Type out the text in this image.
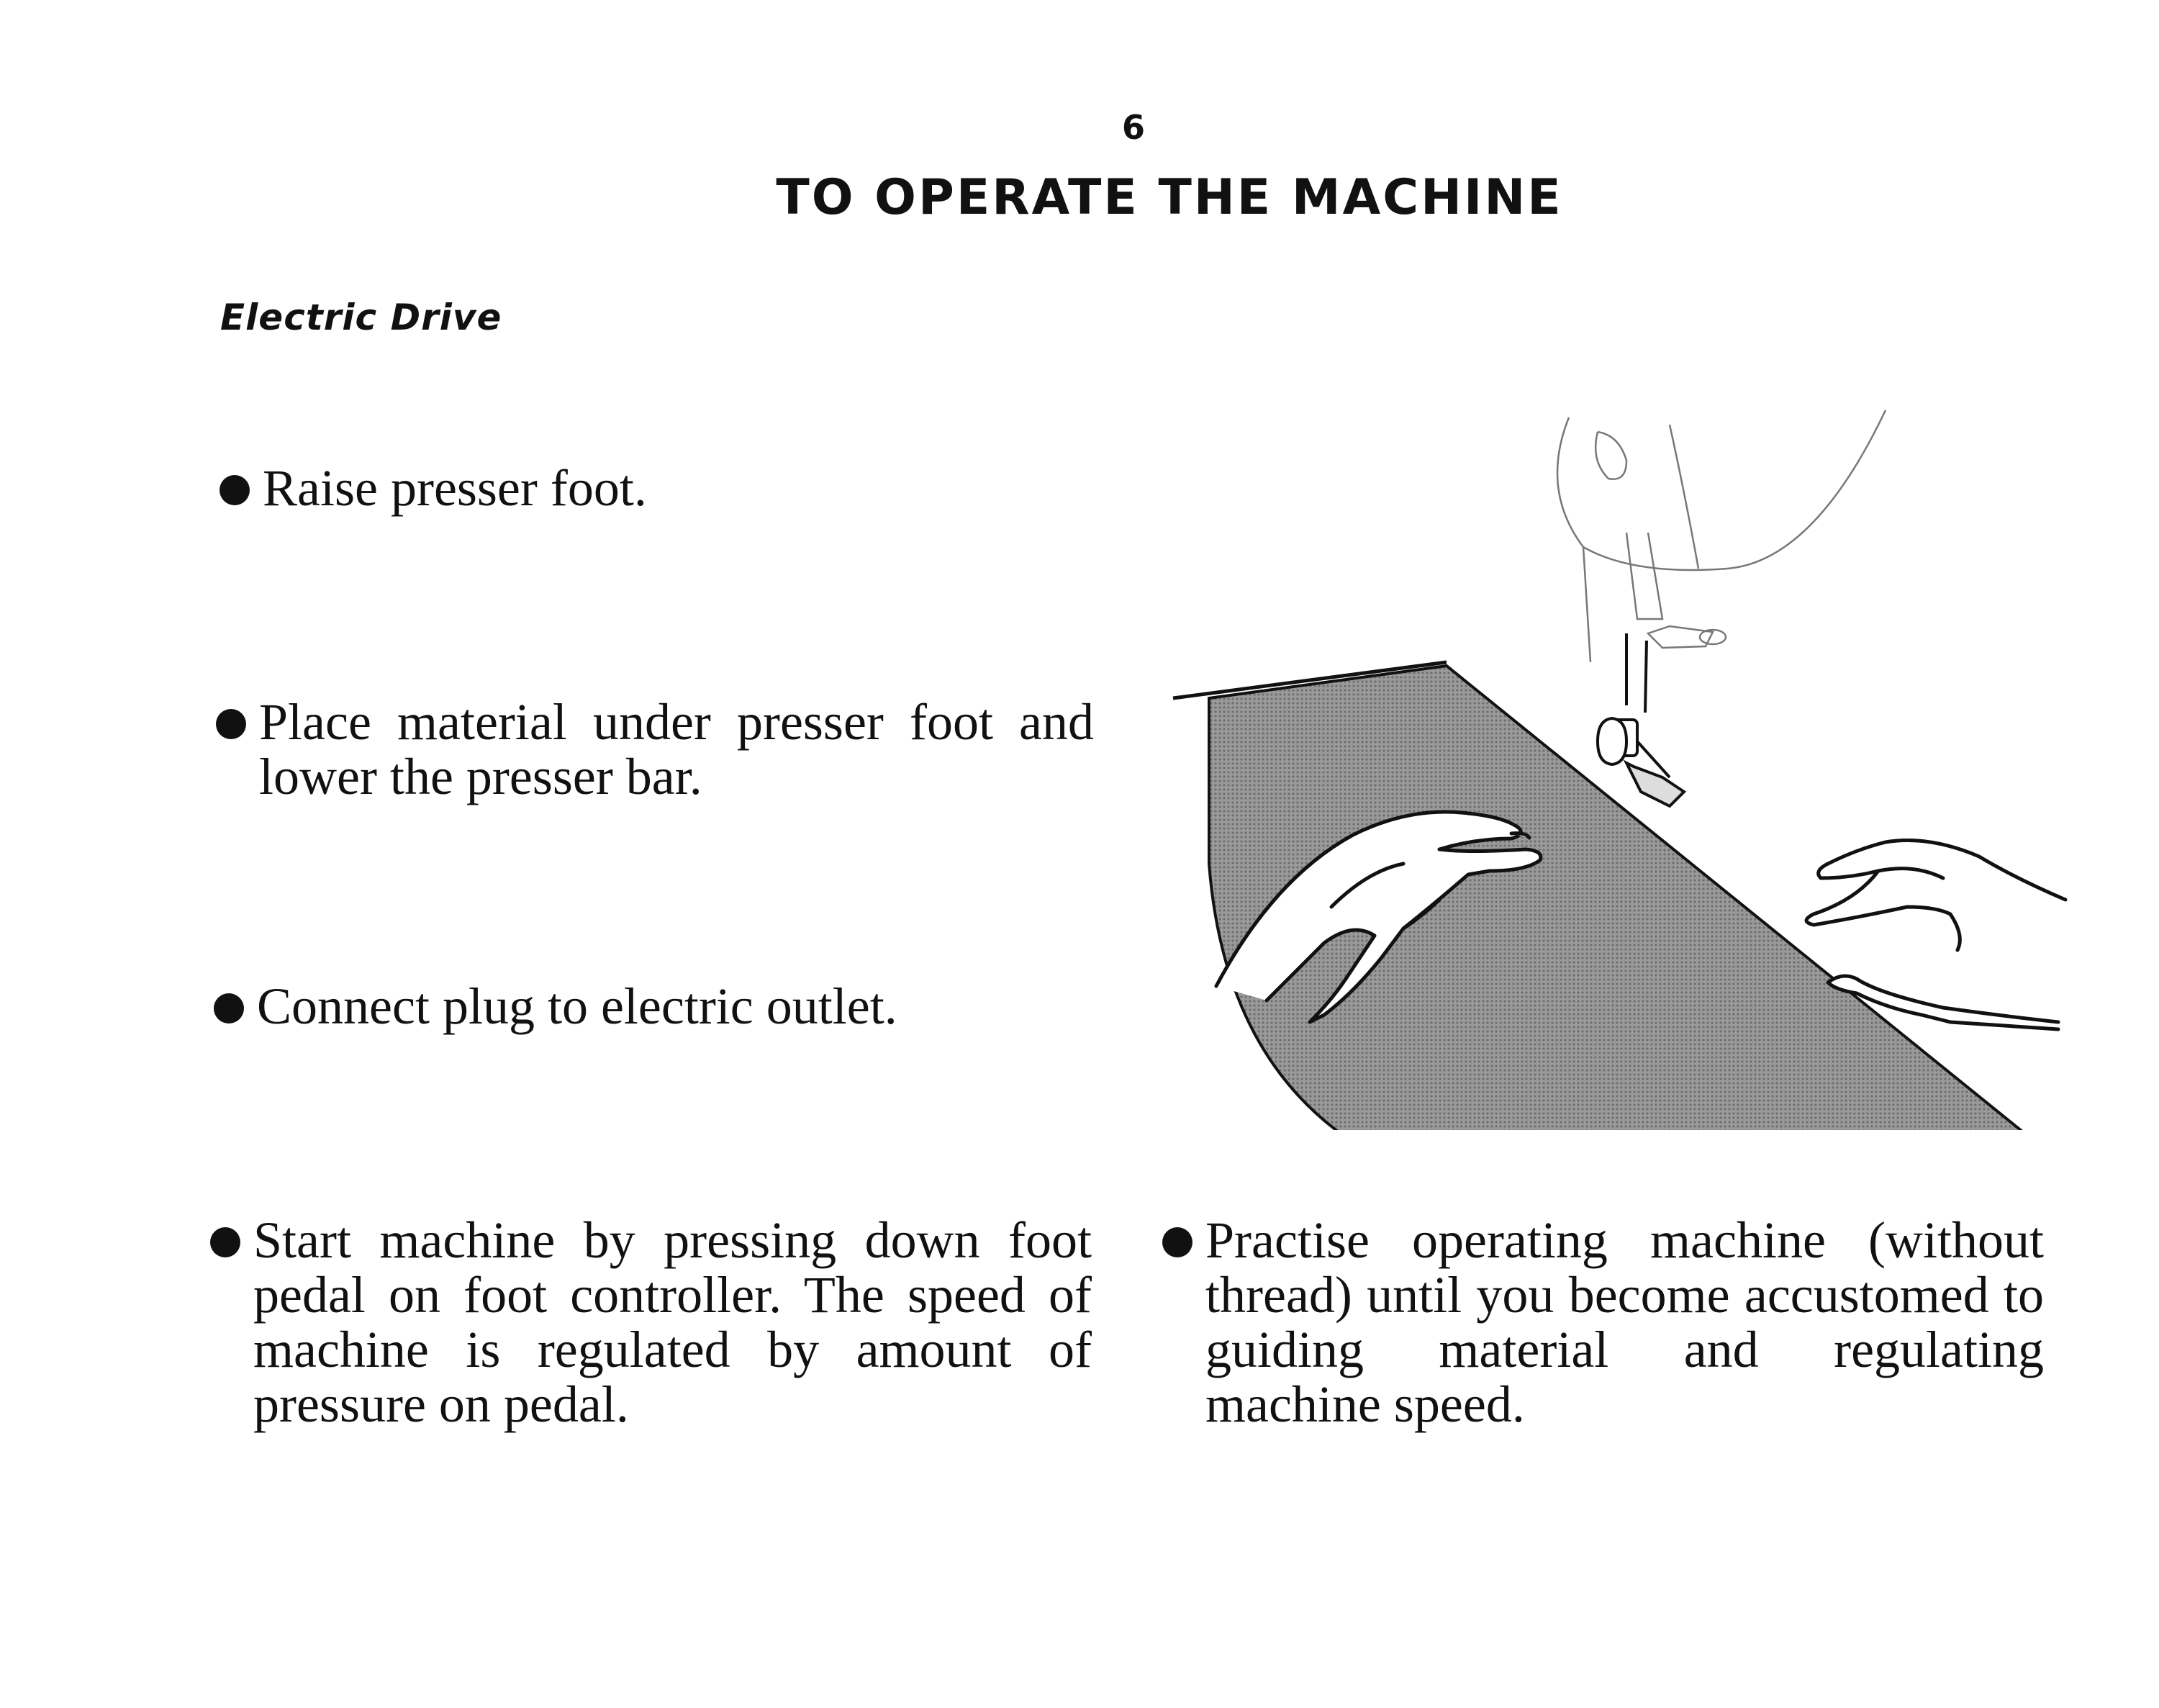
6
TO OPERATE THE MACHINE
Electric Drive
Raise presser foot.
Place material under presser foot and lower the presser bar.
Connect plug to electric outlet.
Start machine by pressing down foot pedal on foot controller. The speed of machine is regulated by amount of pressure on pedal.
Practise operating machine (without thread) until you become accustomed to guiding material and regulating machine speed.
